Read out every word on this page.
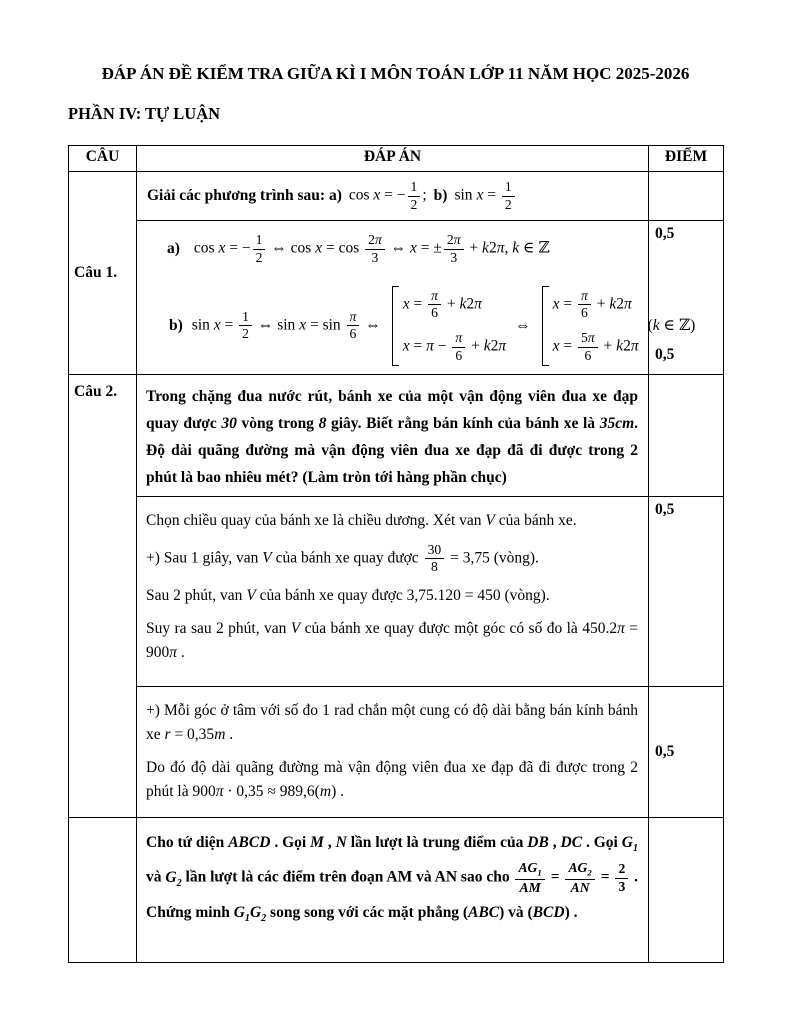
ĐÁP ÁN ĐỀ KIỂM TRA GIỮA KÌ I MÔN TOÁN LỚP 11 NĂM HỌC 2025-2026
PHẦN IV: TỰ LUẬN
CÂU	ĐÁP ÁN	ĐIỂM
Câu 1.	
Giải các phương trình sau: a) cos x = − $\frac{1}{2}$ ; b) $\sin x = \frac{1}{2}$

a) cos x = − $\frac{1}{2}$ ⇔ $\cos x = \cos \frac{2\pi}{3}$ ⇔ x = ± $\frac{2\pi}{3} + k2\pi$, k ∈ ℤ
	0,5

b) $\sin x = \frac{1}{2}$ ⇔ $\sin x = \sin \frac{\pi}{6}$ ⇔
$x = \frac{\pi}{6} + k2\pi$
$x = \pi - \frac{\pi}{6} + k2\pi$
⇔
$x = \frac{\pi}{6} + k2\pi$
$x = \frac{5\pi}{6} + k2\pi$
(k ∈ ℤ)
	0,5
Câu 2.	Trong chặng đua nước rút, bánh xe của một vận động viên đua xe đạp quay được 30 vòng trong 8 giây. Biết rằng bán kính của bánh xe là 35cm. Độ dài quãng đường mà vận động viên đua xe đạp đã đi được trong 2 phút là bao nhiêu mét? (Làm tròn tới hàng phần chục)	

Chọn chiều quay của bánh xe là chiều dương. Xét van V của bánh xe.

+) Sau 1 giây, van V của bánh xe quay được $\frac{30}{8} = 3,75$ (vòng).

Sau 2 phút, van V của bánh xe quay được 3,75.120 = 450 (vòng).

Suy ra sau 2 phút, van V của bánh xe quay được một góc có số đo là 450.2π = 900π .

	0,5

	+) Mỗi góc ở tâm với số đo 1 rad chắn một cung có độ dài bằng bán kính bánh xe r = 0,35m .

Do đó độ dài quãng đường mà vận động viên đua xe đạp đã đi được trong 2 phút là 900π · 0,35 ≈ 989,6(m) .	0,5

Cho tứ diện ABCD . Gọi M , N lần lượt là trung điểm của DB , DC . Gọi $G_1$ và $G_2$ lần lượt là các điểm trên đoạn AM và AN sao cho $\frac{AG_1}{AM} = \frac{AG_2}{AN} = \frac{2}{3}$ . Chứng minh $G_1G_2$ song song với các mặt phẳng (ABC) và (BCD) .
